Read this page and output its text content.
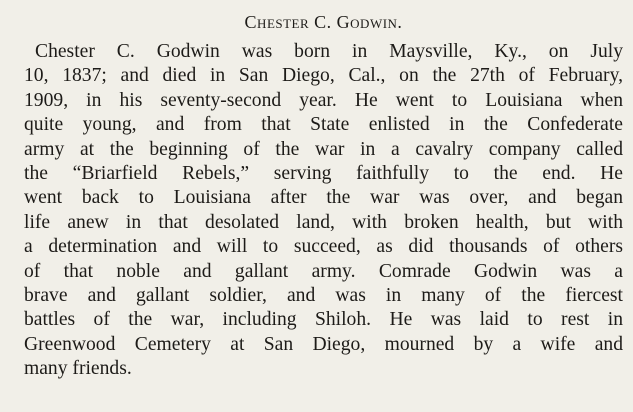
Chester C. Godwin.
Chester C. Godwin was born in Maysville, Ky., on July
10, 1837; and died in San Diego, Cal., on the 27th of February,
1909, in his seventy-second year. He went to Louisiana when
quite young, and from that State enlisted in the Confederate
army at the beginning of the war in a cavalry company called
the “Briarfield Rebels,” serving faithfully to the end. He
went back to Louisiana after the war was over, and began
life anew in that desolated land, with broken health, but with
a determination and will to succeed, as did thousands of others
of that noble and gallant army. Comrade Godwin was a
brave and gallant soldier, and was in many of the fiercest
battles of the war, including Shiloh. He was laid to rest in
Greenwood Cemetery at San Diego, mourned by a wife and
many friends.
